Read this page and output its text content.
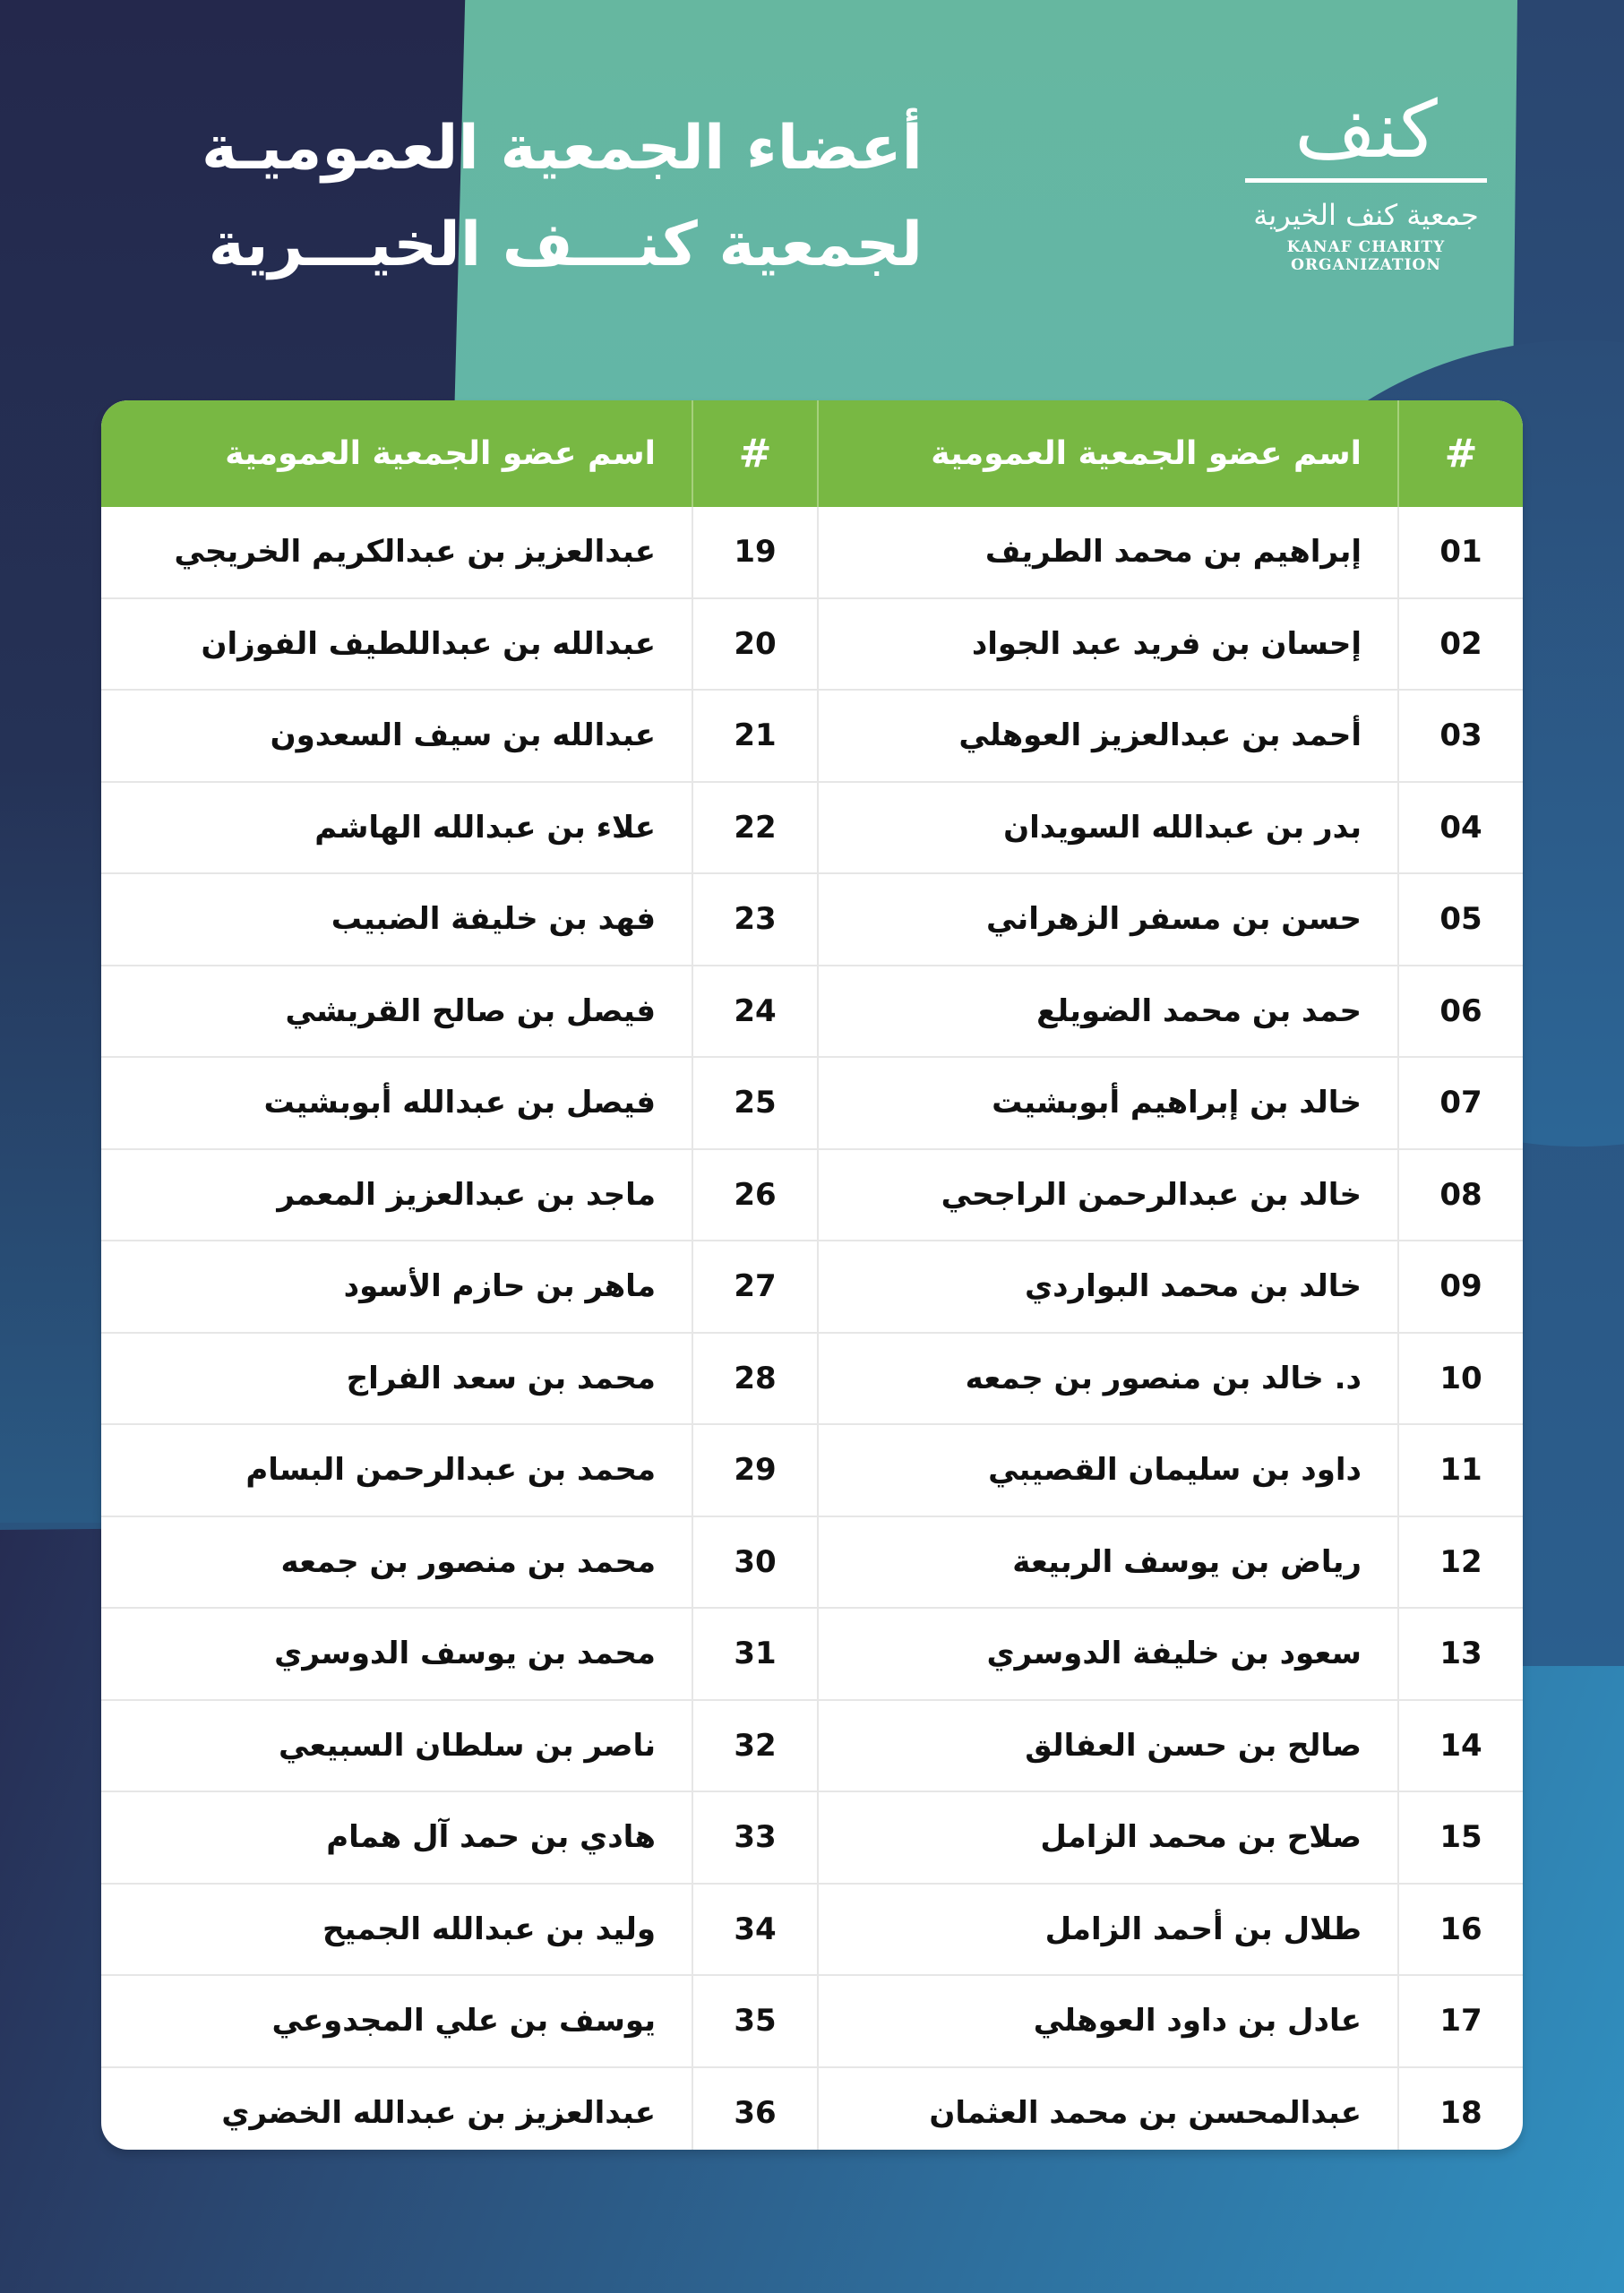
أعضاء الجمعية العموميـة
لجمعية كنـــف الخيـــرية
كنف
جمعية كنف الخيرية
KANAF CHARITY ORGANIZATION
#	اسم عضو الجمعية العمومية	#	اسم عضو الجمعية العمومية
01	إبراهيم بن محمد الطريف	19	عبدالعزيز بن عبدالكريم الخريجي
02	إحسان بن فريد عبد الجواد	20	عبدالله بن عبداللطيف الفوزان
03	أحمد بن عبدالعزيز العوهلي	21	عبدالله بن سيف السعدون
04	بدر بن عبدالله السويدان	22	علاء بن عبدالله الهاشم
05	حسن بن مسفر الزهراني	23	فهد بن خليفة الضبيب
06	حمد بن محمد الضويلع	24	فيصل بن صالح القريشي
07	خالد بن إبراهيم أبوبشيت	25	فيصل بن عبدالله أبوبشيت
08	خالد بن عبدالرحمن الراجحي	26	ماجد بن عبدالعزيز المعمر
09	خالد بن محمد البواردي	27	ماهر بن حازم الأسود
10	د. خالد بن منصور بن جمعه	28	محمد بن سعد الفراج
11	داود بن سليمان القصيبي	29	محمد بن عبدالرحمن البسام
12	رياض بن يوسف الربيعة	30	محمد بن منصور بن جمعه
13	سعود بن خليفة الدوسري	31	محمد بن يوسف الدوسري
14	صالح بن حسن العفالق	32	ناصر بن سلطان السبيعي
15	صلاح بن محمد الزامل	33	هادي بن حمد آل همام
16	طلال بن أحمد الزامل	34	وليد بن عبدالله الجميح
17	عادل بن داود العوهلي	35	يوسف بن علي المجدوعي
18	عبدالمحسن بن محمد العثمان	36	عبدالعزيز بن عبدالله الخضري
